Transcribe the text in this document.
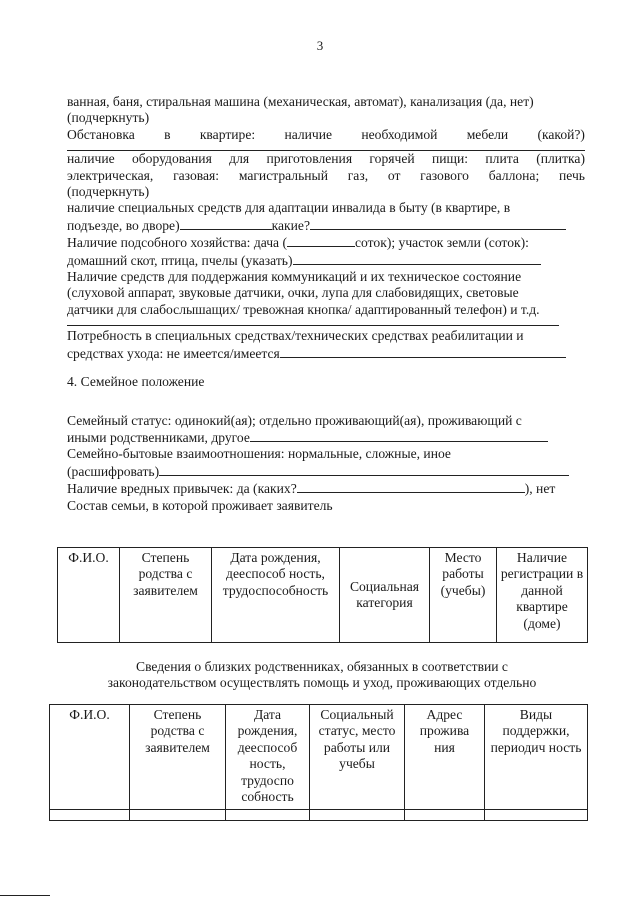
3

ванная, баня, стиральная машина (механическая, автомат), канализация (да, нет)

(подчеркнуть)

Обстановка в квартире: наличие необходимой мебели (какой?)

наличие оборудования для приготовления горячей пищи: плита (плитка)

электрическая, газовая: магистральный газ, от газового баллона; печь

(подчеркнуть)

наличие специальных средств для адаптации инвалида в быту (в квартире, в

подъезде, во дворе)	какие?

Наличие подсобного хозяйства: дача (	соток); участок земли (соток):

домашний скот, птица, пчелы (указать)

Наличие средств для поддержания коммуникаций и их техническое состояние

(слуховой аппарат, звуковые датчики, очки, лупа для слабовидящих, световые

датчики для слабослышащих/ тревожная кнопка/ адаптированный телефон) и т.д.

Потребность в специальных средствах/технических средствах реабилитации и

средствах ухода: не имеется/имеется

4. Семейное положение

Семейный статус: одинокий(ая); отдельно проживающий(ая), проживающий с

иными родственниками, другое

Семейно-бытовые взаимоотношения: нормальные, сложные, иное

(расшифровать)

Наличие вредных привычек: да (каких?	), нет

Состав семьи, в которой проживает заявитель

Ф.И.О.	Степень родства с заявителем	Дата рождения, дееспособ ность, трудоспособность	Социальная категория	Место работы (учебы)	Наличие регистрации в данной квартире (доме)
Сведения о близких родственниках, обязанных в соответствии с
законодательством осуществлять помощь и уход, проживающих отдельно
Ф.И.О.	Степень родства с заявителем	Дата рождения, дееспособ ность, трудоспо собность	Социальный статус, место работы или учебы	Адрес прожива ния	Виды поддержки, периодич ность
